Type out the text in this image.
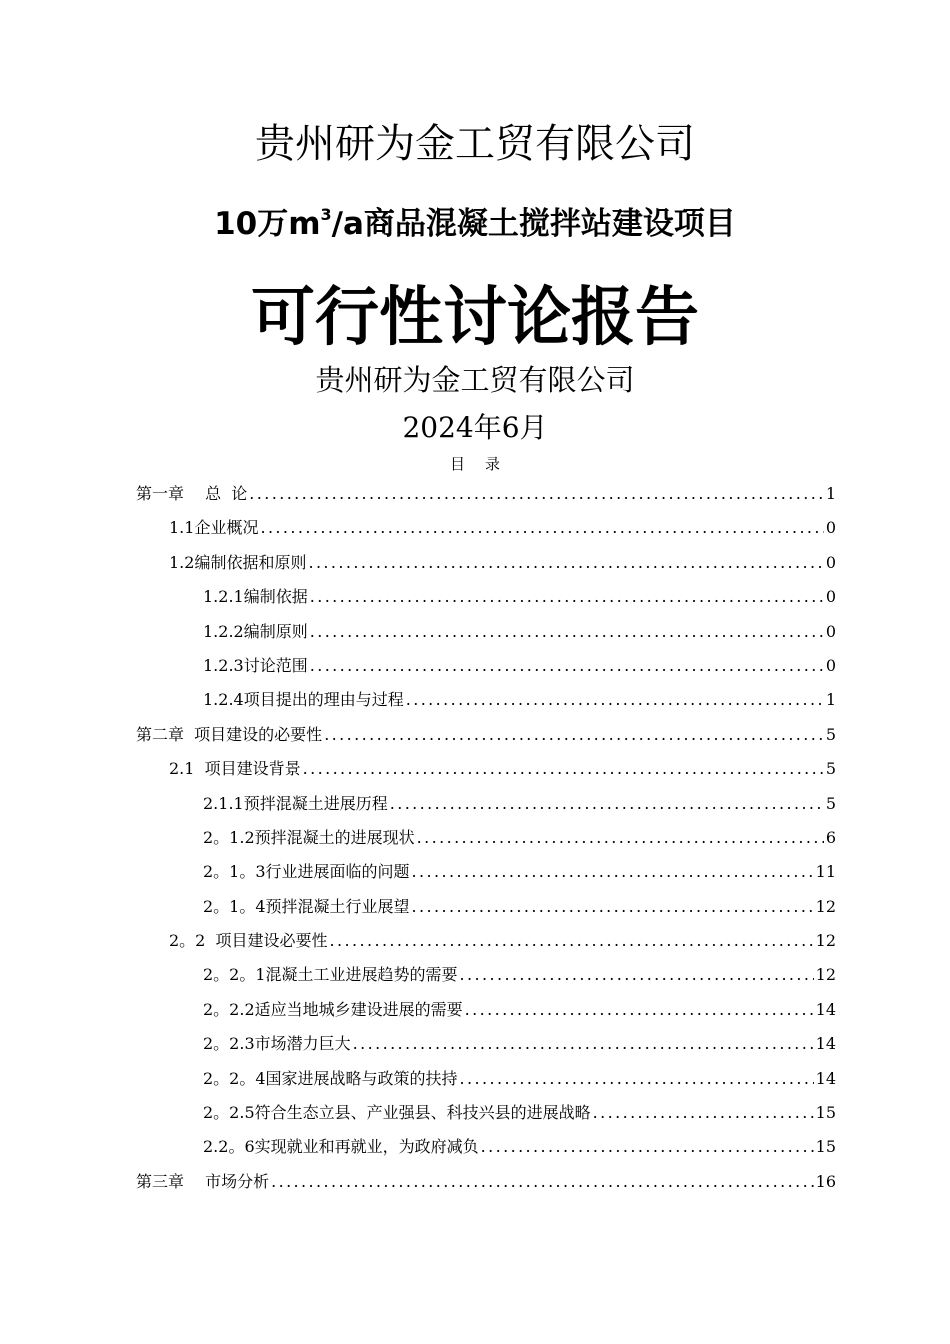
贵州研为金工贸有限公司
10万$m^3/a$商品混凝土搅拌站建设项目
可行性讨论报告
贵州研为金工贸有限公司
2024年6月
目录
第一章　 总  论 .....	1
1.1企业概况 .....	0
1.2编制依据和原则 .....	0
1.2.1编制依据 .....	0
1.2.2编制原则 .....	0
1.2.3讨论范围 .....	0
1.2.4项目提出的理由与过程 .....	1
第二章  项目建设的必要性 .....	5
2.1  项目建设背景 .....	5
2.1.1预拌混凝土进展历程 .....	5
2。1.2预拌混凝土的进展现状 .....	6
2。1。3行业进展面临的问题 .....	11
2。1。4预拌混凝土行业展望 .....	12
2。2  项目建设必要性 .....	12
2。2。1混凝土工业进展趋势的需要 .....	12
2。2.2适应当地城乡建设进展的需要 .....	14
2。2.3市场潜力巨大 .....	14
2。2。4国家进展战略与政策的扶持 .....	14
2。2.5符合生态立县、产业强县、科技兴县的进展战略 .....	15
2.2。6实现就业和再就业，为政府减负 .....	15
第三章　 市场分析 .....	16
